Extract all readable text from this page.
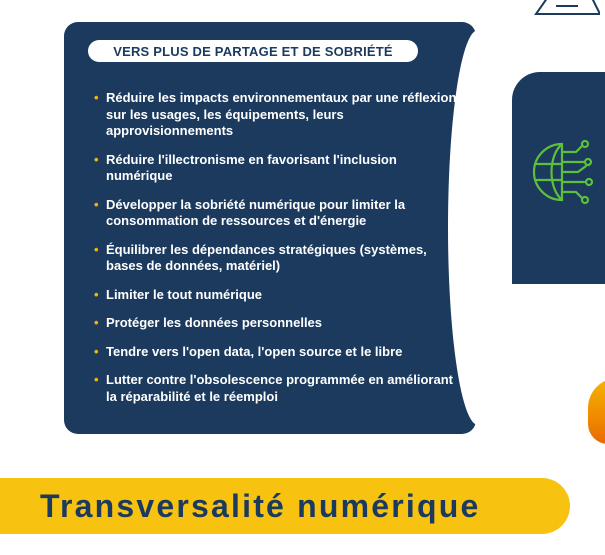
VERS PLUS DE PARTAGE ET DE SOBRIÉTÉ
• Réduire les impacts environnementaux par une réflexion sur les usages, les équipements, leurs approvisionnements
• Réduire l'illectronisme en favorisant l'inclusion numérique
• Développer la sobriété numérique pour limiter la consommation de ressources et d'énergie
• Équilibrer les dépendances stratégiques (systèmes, bases de données, matériel)
• Limiter le tout numérique
• Protéger les données personnelles
• Tendre vers l'open data, l'open source et le libre
• Lutter contre l'obsolescence programmée en améliorant la réparabilité et le réemploi
Transversalité numérique
